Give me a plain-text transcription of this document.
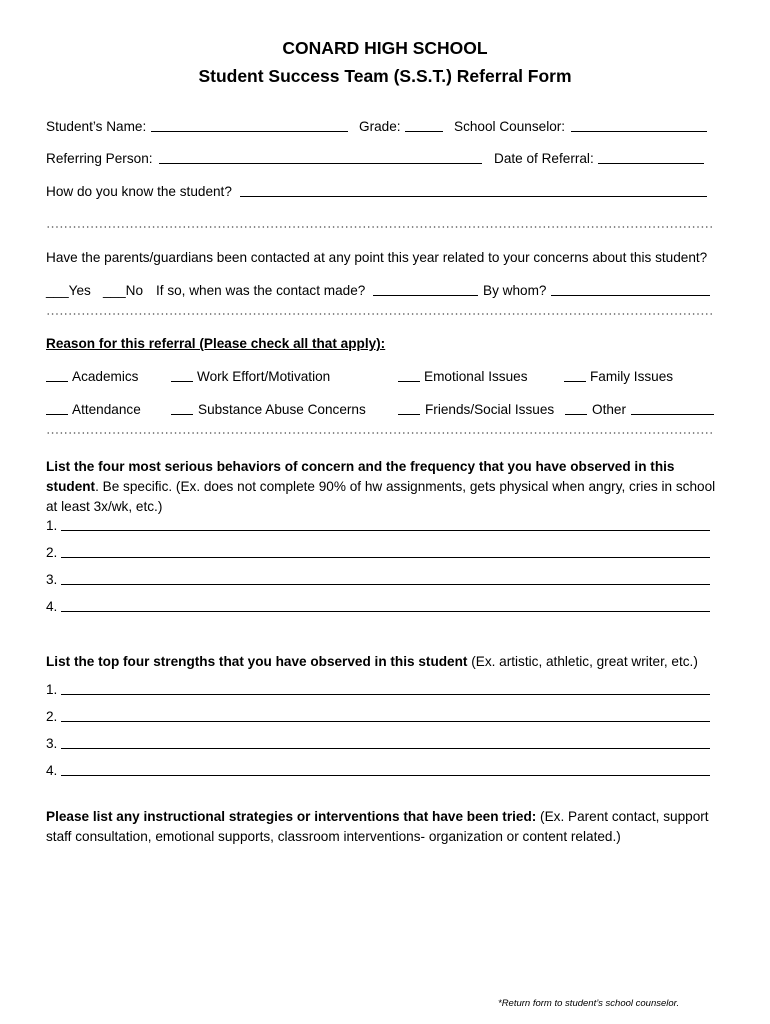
CONARD HIGH SCHOOL
Student Success Team (S.S.T.) Referral Form
Student’s Name:	Grade:	School Counselor:
Referring Person:	Date of Referral:
How do you know the student?
Have the parents/guardians been contacted at any point this year related to your concerns about this student?
___Yes ___No If so, when was the contact made?	By whom?
Reason for this referral (Please check all that apply):
Academics	Work Effort/Motivation	Emotional Issues	Family Issues
Attendance	Substance Abuse Concerns	Friends/Social Issues	Other
List the four most serious behaviors of concern and the frequency that you have observed in this student. Be specific. (Ex. does not complete 90% of hw assignments, gets physical when angry, cries in school at least 3x/wk, etc.)
1.
2.
3.
4.
List the top four strengths that you have observed in this student (Ex. artistic, athletic, great writer, etc.)
1.
2.
3.
4.
Please list any instructional strategies or interventions that have been tried: (Ex. Parent contact, support staff consultation, emotional supports, classroom interventions- organization or content related.)
*Return form to student’s school counselor.
